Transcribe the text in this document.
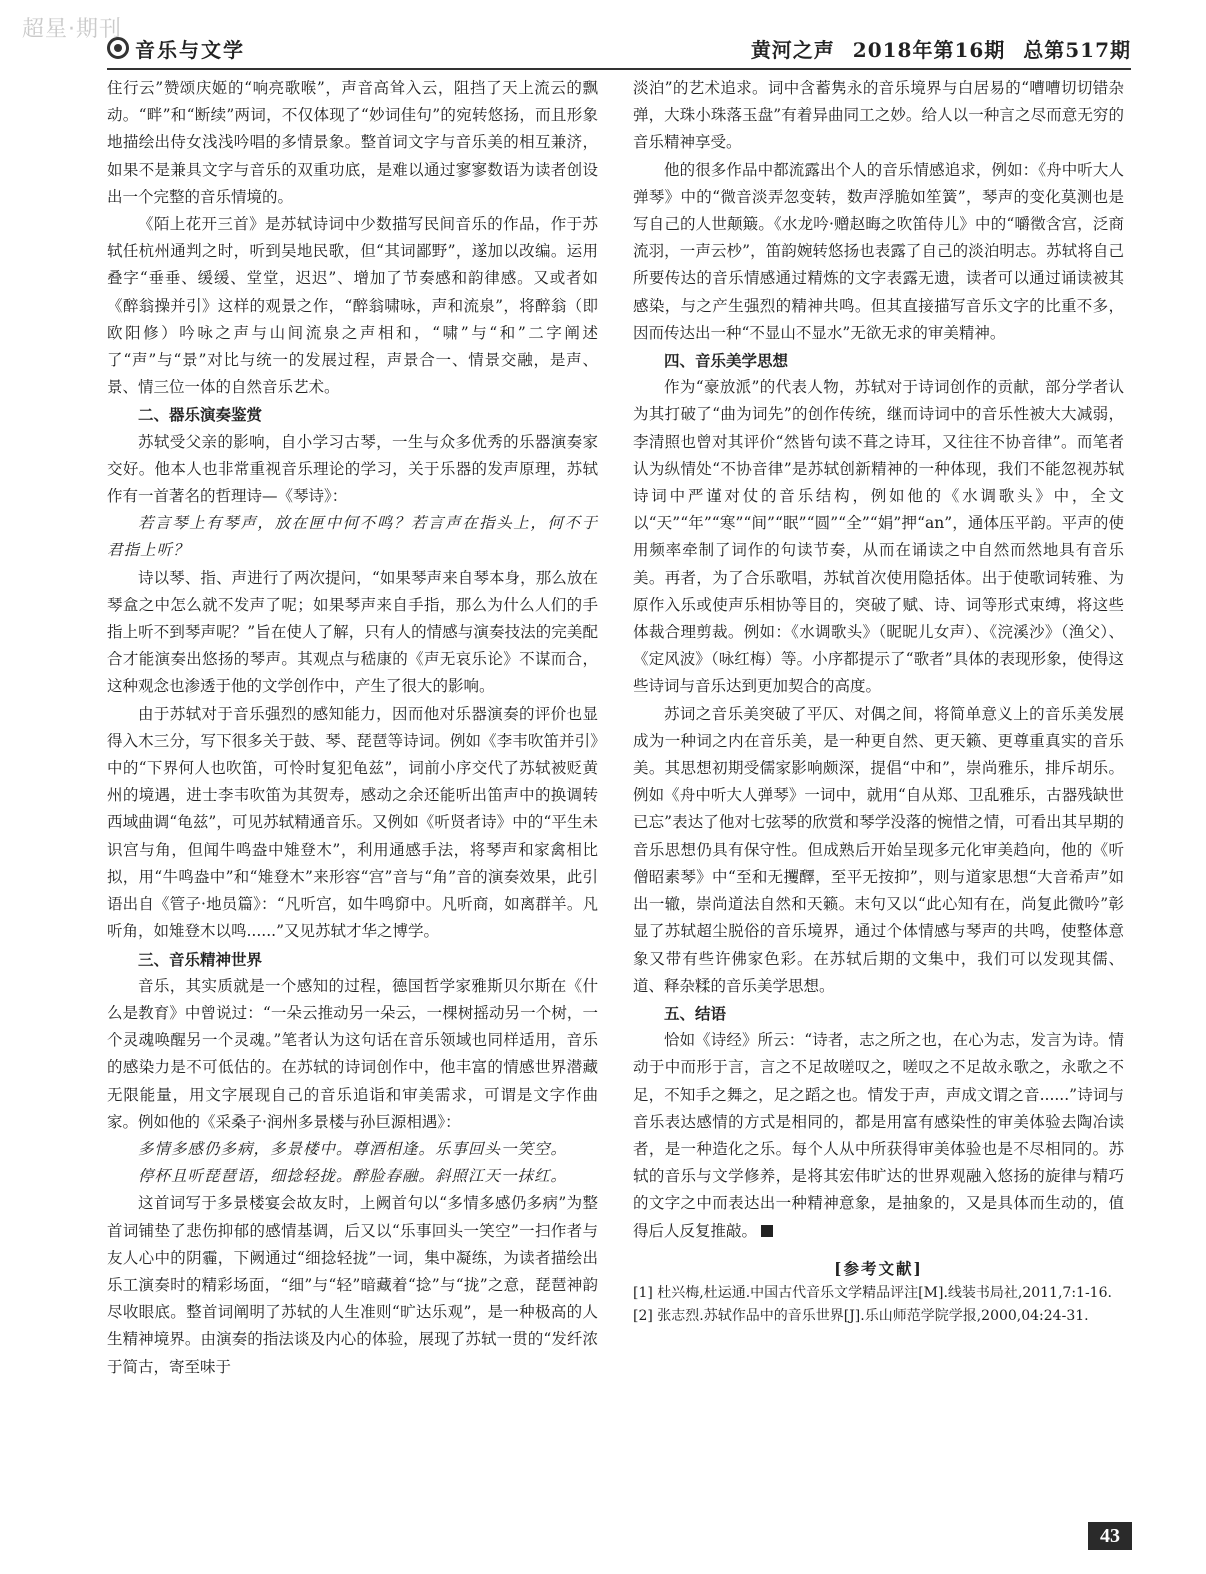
超星·期刊
音乐与文学	黄河之声 2018年第16期 总第517期

住行云”赞颂庆姬的“响亮歌喉”，声音高耸入云，阻挡了天上流云的飘动。“畔”和“断续”两词，不仅体现了“妙词佳句”的宛转悠扬，而且形象地描绘出侍女浅浅吟唱的多情景象。整首词文字与音乐美的相互兼济，如果不是兼具文字与音乐的双重功底，是难以通过寥寥数语为读者创设出一个完整的音乐情境的。

《陌上花开三首》是苏轼诗词中少数描写民间音乐的作品，作于苏轼任杭州通判之时，听到吴地民歌，但“其词鄙野”，遂加以改编。运用叠字“垂垂、缓缓、堂堂，迟迟”、增加了节奏感和韵律感。又或者如《醉翁操并引》这样的观景之作，“醉翁啸咏，声和流泉”，将醉翁（即欧阳修）吟咏之声与山间流泉之声相和，“啸”与“和”二字阐述了“声”与“景”对比与统一的发展过程，声景合一、情景交融，是声、景、情三位一体的自然音乐艺术。

二、器乐演奏鉴赏

苏轼受父亲的影响，自小学习古琴，一生与众多优秀的乐器演奏家交好。他本人也非常重视音乐理论的学习，关于乐器的发声原理，苏轼作有一首著名的哲理诗—《琴诗》：

若言琴上有琴声，放在匣中何不鸣？若言声在指头上，何不于君指上听？

诗以琴、指、声进行了两次提问，“如果琴声来自琴本身，那么放在琴盒之中怎么就不发声了呢；如果琴声来自手指，那么为什么人们的手指上听不到琴声呢？”旨在使人了解，只有人的情感与演奏技法的完美配合才能演奏出悠扬的琴声。其观点与嵇康的《声无哀乐论》不谋而合，这种观念也渗透于他的文学创作中，产生了很大的影响。

由于苏轼对于音乐强烈的感知能力，因而他对乐器演奏的评价也显得入木三分，写下很多关于鼓、琴、琵琶等诗词。例如《李韦吹笛并引》中的“下界何人也吹笛，可怜时复犯龟兹”，词前小序交代了苏轼被贬黄州的境遇，进士李韦吹笛为其贺寿，感动之余还能听出笛声中的换调转西域曲调“龟兹”，可见苏轼精通音乐。又例如《听贤者诗》中的“平生未识宫与角，但闻牛鸣盎中雉登木”，利用通感手法，将琴声和家禽相比拟，用“牛鸣盎中”和“雉登木”来形容“宫”音与“角”音的演奏效果，此引语出自《管子·地员篇》：“凡听宫，如牛鸣窌中。凡听商，如离群羊。凡听角，如雉登木以鸣......”又见苏轼才华之博学。

三、音乐精神世界

音乐，其实质就是一个感知的过程，德国哲学家雅斯贝尔斯在《什么是教育》中曾说过：“一朵云推动另一朵云，一棵树摇动另一个树，一个灵魂唤醒另一个灵魂。”笔者认为这句话在音乐领域也同样适用，音乐的感染力是不可低估的。在苏轼的诗词创作中，他丰富的情感世界潜藏无限能量，用文字展现自己的音乐追诣和审美需求，可谓是文字作曲家。例如他的《采桑子·润州多景楼与孙巨源相遇》：

多情多感仍多病，多景楼中。尊酒相逢。乐事回头一笑空。

停杯且听琵琶语，细捻轻拢。醉脸春融。斜照江天一抹红。

这首词写于多景楼宴会故友时，上阙首句以“多情多感仍多病”为整首词铺垫了悲伤抑郁的感情基调，后又以“乐事回头一笑空”一扫作者与友人心中的阴霾，下阙通过“细捻轻拢”一词，集中凝练，为读者描绘出乐工演奏时的精彩场面，“细”与“轻”暗藏着“捻”与“拢”之意，琵琶神韵尽收眼底。整首词阐明了苏轼的人生准则“旷达乐观”，是一种极高的人生精神境界。由演奏的指法谈及内心的体验，展现了苏轼一贯的“发纤浓于简古，寄至味于

淡泊”的艺术追求。词中含蓄隽永的音乐境界与白居易的“嘈嘈切切错杂弹，大珠小珠落玉盘”有着异曲同工之妙。给人以一种言之尽而意无穷的音乐精神享受。

他的很多作品中都流露出个人的音乐情感追求，例如：《舟中听大人弹琴》中的“微音淡弄忽变转，数声浮脆如笙簧”，琴声的变化莫测也是写自己的人世颠簸。《水龙吟·赠赵晦之吹笛侍儿》中的“嚼徵含宫，泛商流羽，一声云杪”，笛韵婉转悠扬也表露了自己的淡泊明志。苏轼将自己所要传达的音乐情感通过精炼的文字表露无遗，读者可以通过诵读被其感染，与之产生强烈的精神共鸣。但其直接描写音乐文字的比重不多，因而传达出一种“不显山不显水”无欲无求的审美精神。

四、音乐美学思想

作为“豪放派”的代表人物，苏轼对于诗词创作的贡献，部分学者认为其打破了“曲为词先”的创作传统，继而诗词中的音乐性被大大减弱，李清照也曾对其评价“然皆句读不葺之诗耳，又往往不协音律”。而笔者认为纵情处“不协音律”是苏轼创新精神的一种体现，我们不能忽视苏轼诗词中严谨对仗的音乐结构，例如他的《水调歌头》中，全文以“天”“年”“寒”“间”“眠”“圆”“全”“娟”押“an”，通体压平韵。平声的使用频率牵制了词作的句读节奏，从而在诵读之中自然而然地具有音乐美。再者，为了合乐歌唱，苏轼首次使用隐括体。出于使歌词转雅、为原作入乐或使声乐相协等目的，突破了赋、诗、词等形式束缚，将这些体裁合理剪裁。例如：《水调歌头》（昵昵儿女声）、《浣溪沙》（渔父）、《定风波》（咏红梅）等。小序都提示了“歌者”具体的表现形象，使得这些诗词与音乐达到更加契合的高度。

苏词之音乐美突破了平仄、对偶之间，将简单意义上的音乐美发展成为一种词之内在音乐美，是一种更自然、更天籁、更尊重真实的音乐美。其思想初期受儒家影响颇深，提倡“中和”，崇尚雅乐，排斥胡乐。例如《舟中听大人弹琴》一词中，就用“自从郑、卫乱雅乐，古器残缺世已忘”表达了他对七弦琴的欣赏和琴学没落的惋惜之情，可看出其早期的音乐思想仍具有保守性。但成熟后开始呈现多元化审美趋向，他的《听僧昭素琴》中“至和无攫醳，至平无按抑”，则与道家思想“大音希声”如出一辙，崇尚道法自然和天籁。末句又以“此心知有在，尚复此微吟”彰显了苏轼超尘脱俗的音乐境界，通过个体情感与琴声的共鸣，使整体意象又带有些许佛家色彩。在苏轼后期的文集中，我们可以发现其儒、道、释杂糅的音乐美学思想。

五、结语

恰如《诗经》所云：“诗者，志之所之也，在心为志，发言为诗。情动于中而形于言，言之不足故嗟叹之，嗟叹之不足故永歌之，永歌之不足，不知手之舞之，足之蹈之也。情发于声，声成文谓之音......”诗词与音乐表达感情的方式是相同的，都是用富有感染性的审美体验去陶冶读者，是一种造化之乐。每个人从中所获得审美体验也是不尽相同的。苏轼的音乐与文学修养，是将其宏伟旷达的世界观融入悠扬的旋律与精巧的文字之中而表达出一种精神意象，是抽象的，又是具体而生动的，值得后人反复推敲。

[参考文献]
[1] 杜兴梅,杜运通.中国古代音乐文学精品评注[M].线装书局社,2011,7:1-16.
[2] 张志烈.苏轼作品中的音乐世界[J].乐山师范学院学报,2000,04:24-31.
43
